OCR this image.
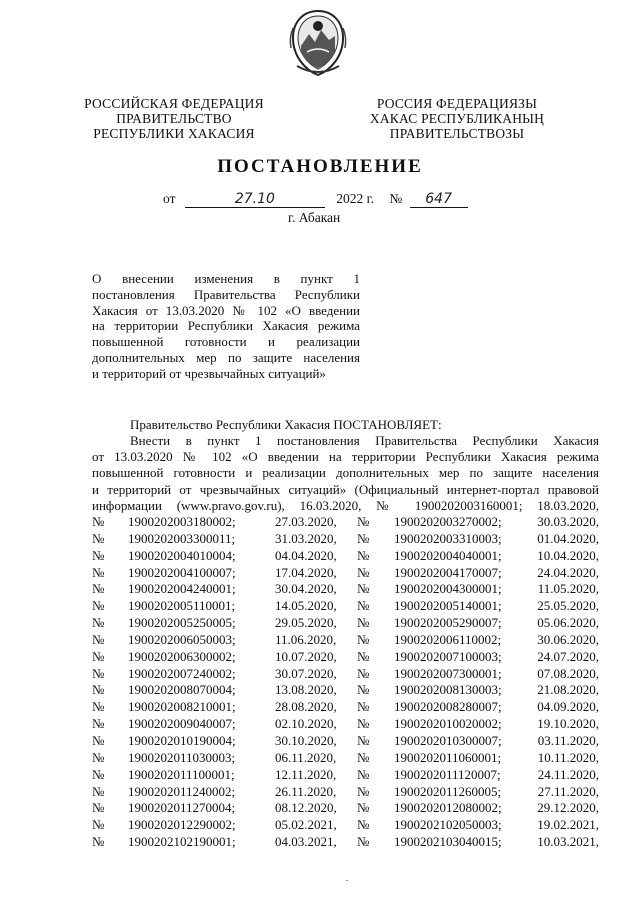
РОССИЙСКАЯ ФЕДЕРАЦИЯ
ПРАВИТЕЛЬСТВО
РЕСПУБЛИКИ ХАКАСИЯ
РОССИЯ ФЕДЕРАЦИЯЗЫ
ХАКАС РЕСПУБЛИКАНЫҢ
ПРАВИТЕЛЬСТВОЗЫ
ПОСТАНОВЛЕНИЕ
от	27.10	2022 г. № 647
г. Абакан
О внесении изменения в пункт 1
постановления Правительства Республики
Хакасия от 13.03.2020 № 102 «О введении
на территории Республики Хакасия режима
повышенной готовности и реализации
дополнительных мер по защите населения
и территорий от чрезвычайных ситуаций»
Правительство Республики Хакасия ПОСТАНОВЛЯЕТ:
Внести в пункт 1 постановления Правительства Республики Хакасия
от 13.03.2020 № 102 «О введении на территории Республики Хакасия режима
повышенной готовности и реализации дополнительных мер по защите населения
и территорий от чрезвычайных ситуаций» (Официальный интернет-портал правовой
информации (www.pravo.gov.ru), 16.03.2020, № 1900202003160001; 18.03.2020,
№ 1900202003180002;	27.03.2020, № 1900202003270002;	30.03.2020,
№ 1900202003300011;	31.03.2020, № 1900202003310003;	01.04.2020,
№ 1900202004010004;	04.04.2020, № 1900202004040001;	10.04.2020,
№ 1900202004100007;	17.04.2020, № 1900202004170007;	24.04.2020,
№ 1900202004240001;	30.04.2020, № 1900202004300001;	11.05.2020,
№ 1900202005110001;	14.05.2020, № 1900202005140001;	25.05.2020,
№ 1900202005250005;	29.05.2020, № 1900202005290007;	05.06.2020,
№ 1900202006050003;	11.06.2020, № 1900202006110002;	30.06.2020,
№ 1900202006300002;	10.07.2020, № 1900202007100003;	24.07.2020,
№ 1900202007240002;	30.07.2020, № 1900202007300001;	07.08.2020,
№ 1900202008070004;	13.08.2020, № 1900202008130003;	21.08.2020,
№ 1900202008210001;	28.08.2020, № 1900202008280007;	04.09.2020,
№ 1900202009040007;	02.10.2020, № 1900202010020002;	19.10.2020,
№ 1900202010190004;	30.10.2020, № 1900202010300007;	03.11.2020,
№ 1900202011030003;	06.11.2020, № 1900202011060001;	10.11.2020,
№ 1900202011100001;	12.11.2020, № 1900202011120007;	24.11.2020,
№ 1900202011240002;	26.11.2020, № 1900202011260005;	27.11.2020,
№ 1900202011270004;	08.12.2020, № 1900202012080002;	29.12.2020,
№ 1900202012290002;	05.02.2021, № 1900202102050003;	19.02.2021,
№ 1900202102190001;	04.03.2021, № 1900202103040015;	10.03.2021,
